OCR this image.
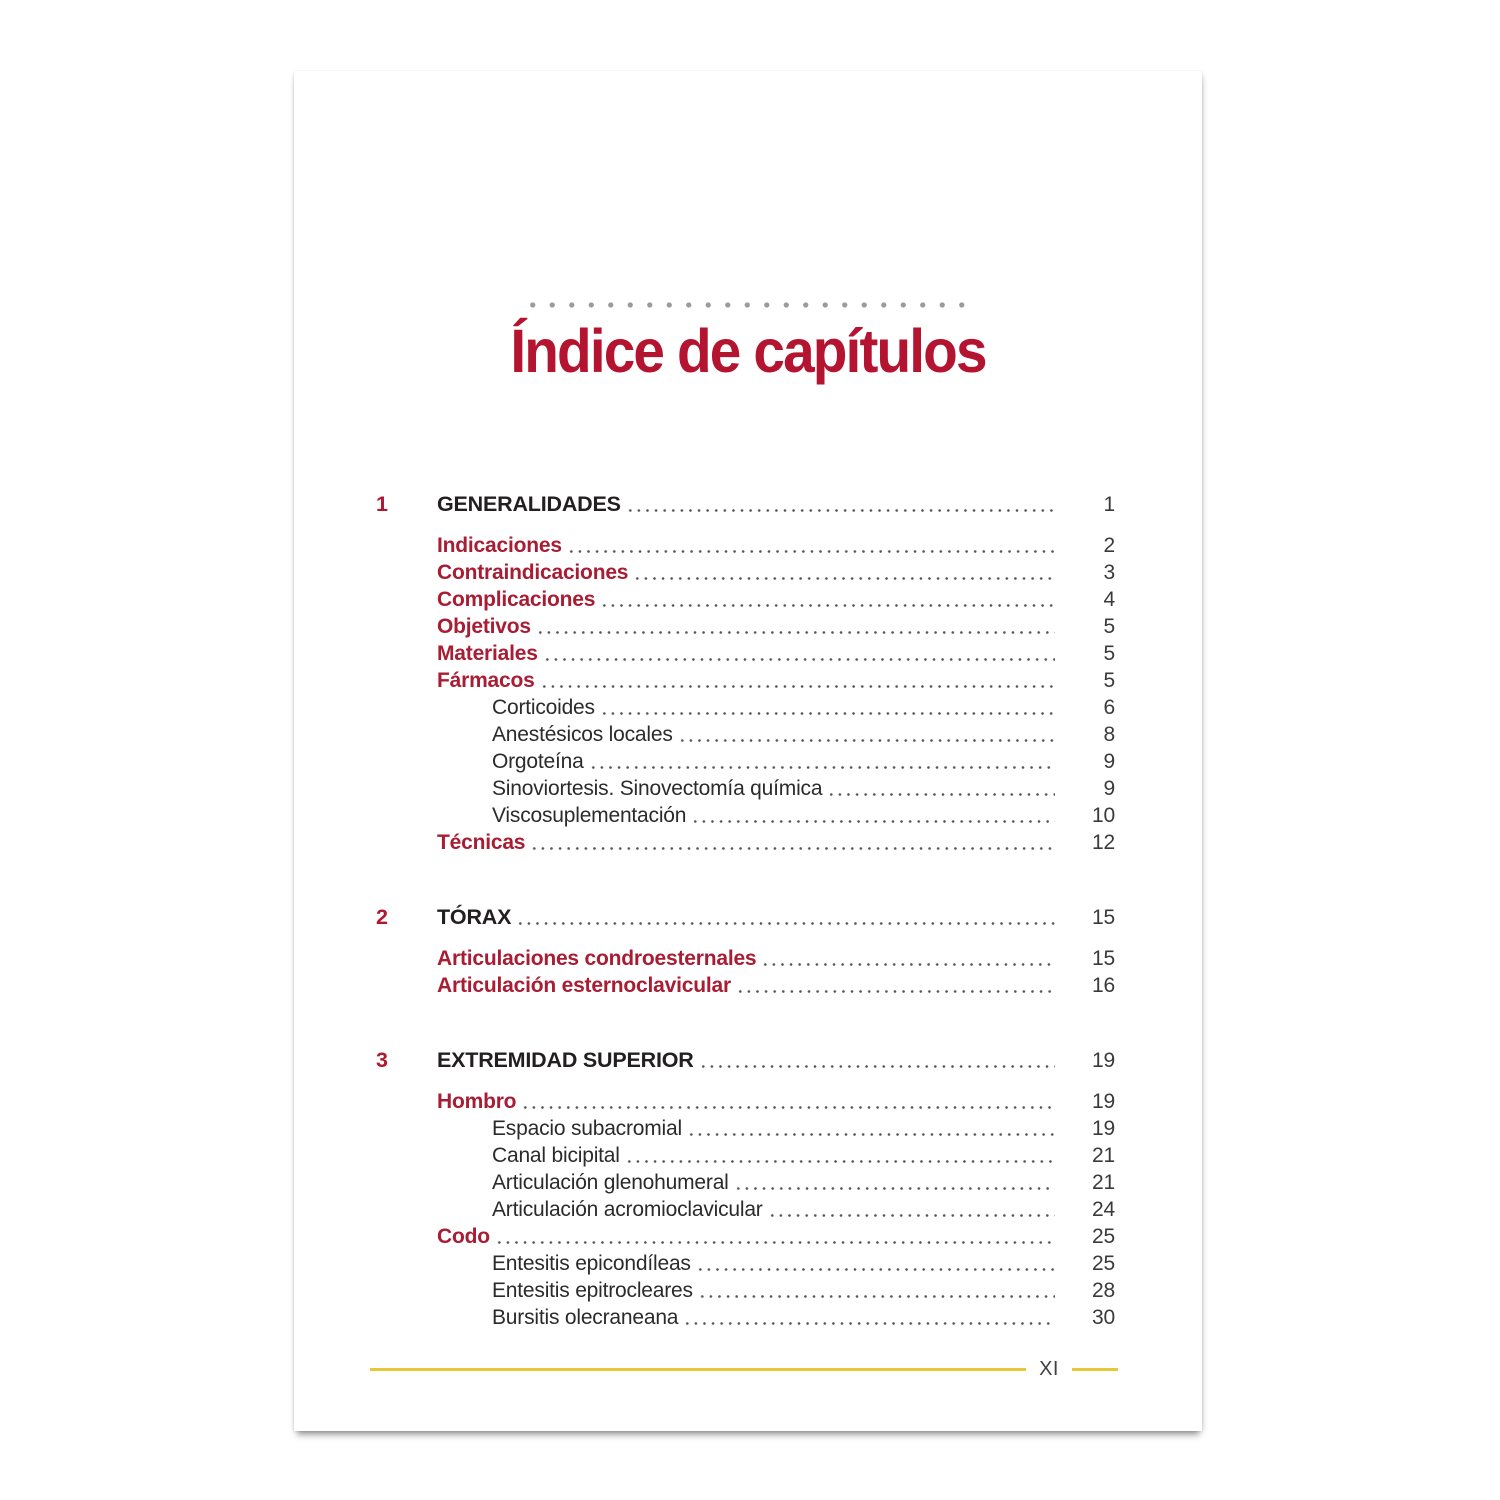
Índice de capítulos
1	GENERALIDADES	1
Indicaciones	2
Contraindicaciones	3
Complicaciones	4
Objetivos	5
Materiales	5
Fármacos	5
Corticoides	6
Anestésicos locales	8
Orgoteína	9
Sinoviortesis. Sinovectomía química	9
Viscosuplementación	10
Técnicas	12
2	TÓRAX	15
Articulaciones condroesternales	15
Articulación esternoclavicular	16
3	EXTREMIDAD SUPERIOR	19
Hombro	19
Espacio subacromial	19
Canal bicipital	21
Articulación glenohumeral	21
Articulación acromioclavicular	24
Codo	25
Entesitis epicondíleas	25
Entesitis epitrocleares	28
Bursitis olecraneana	30
XI
